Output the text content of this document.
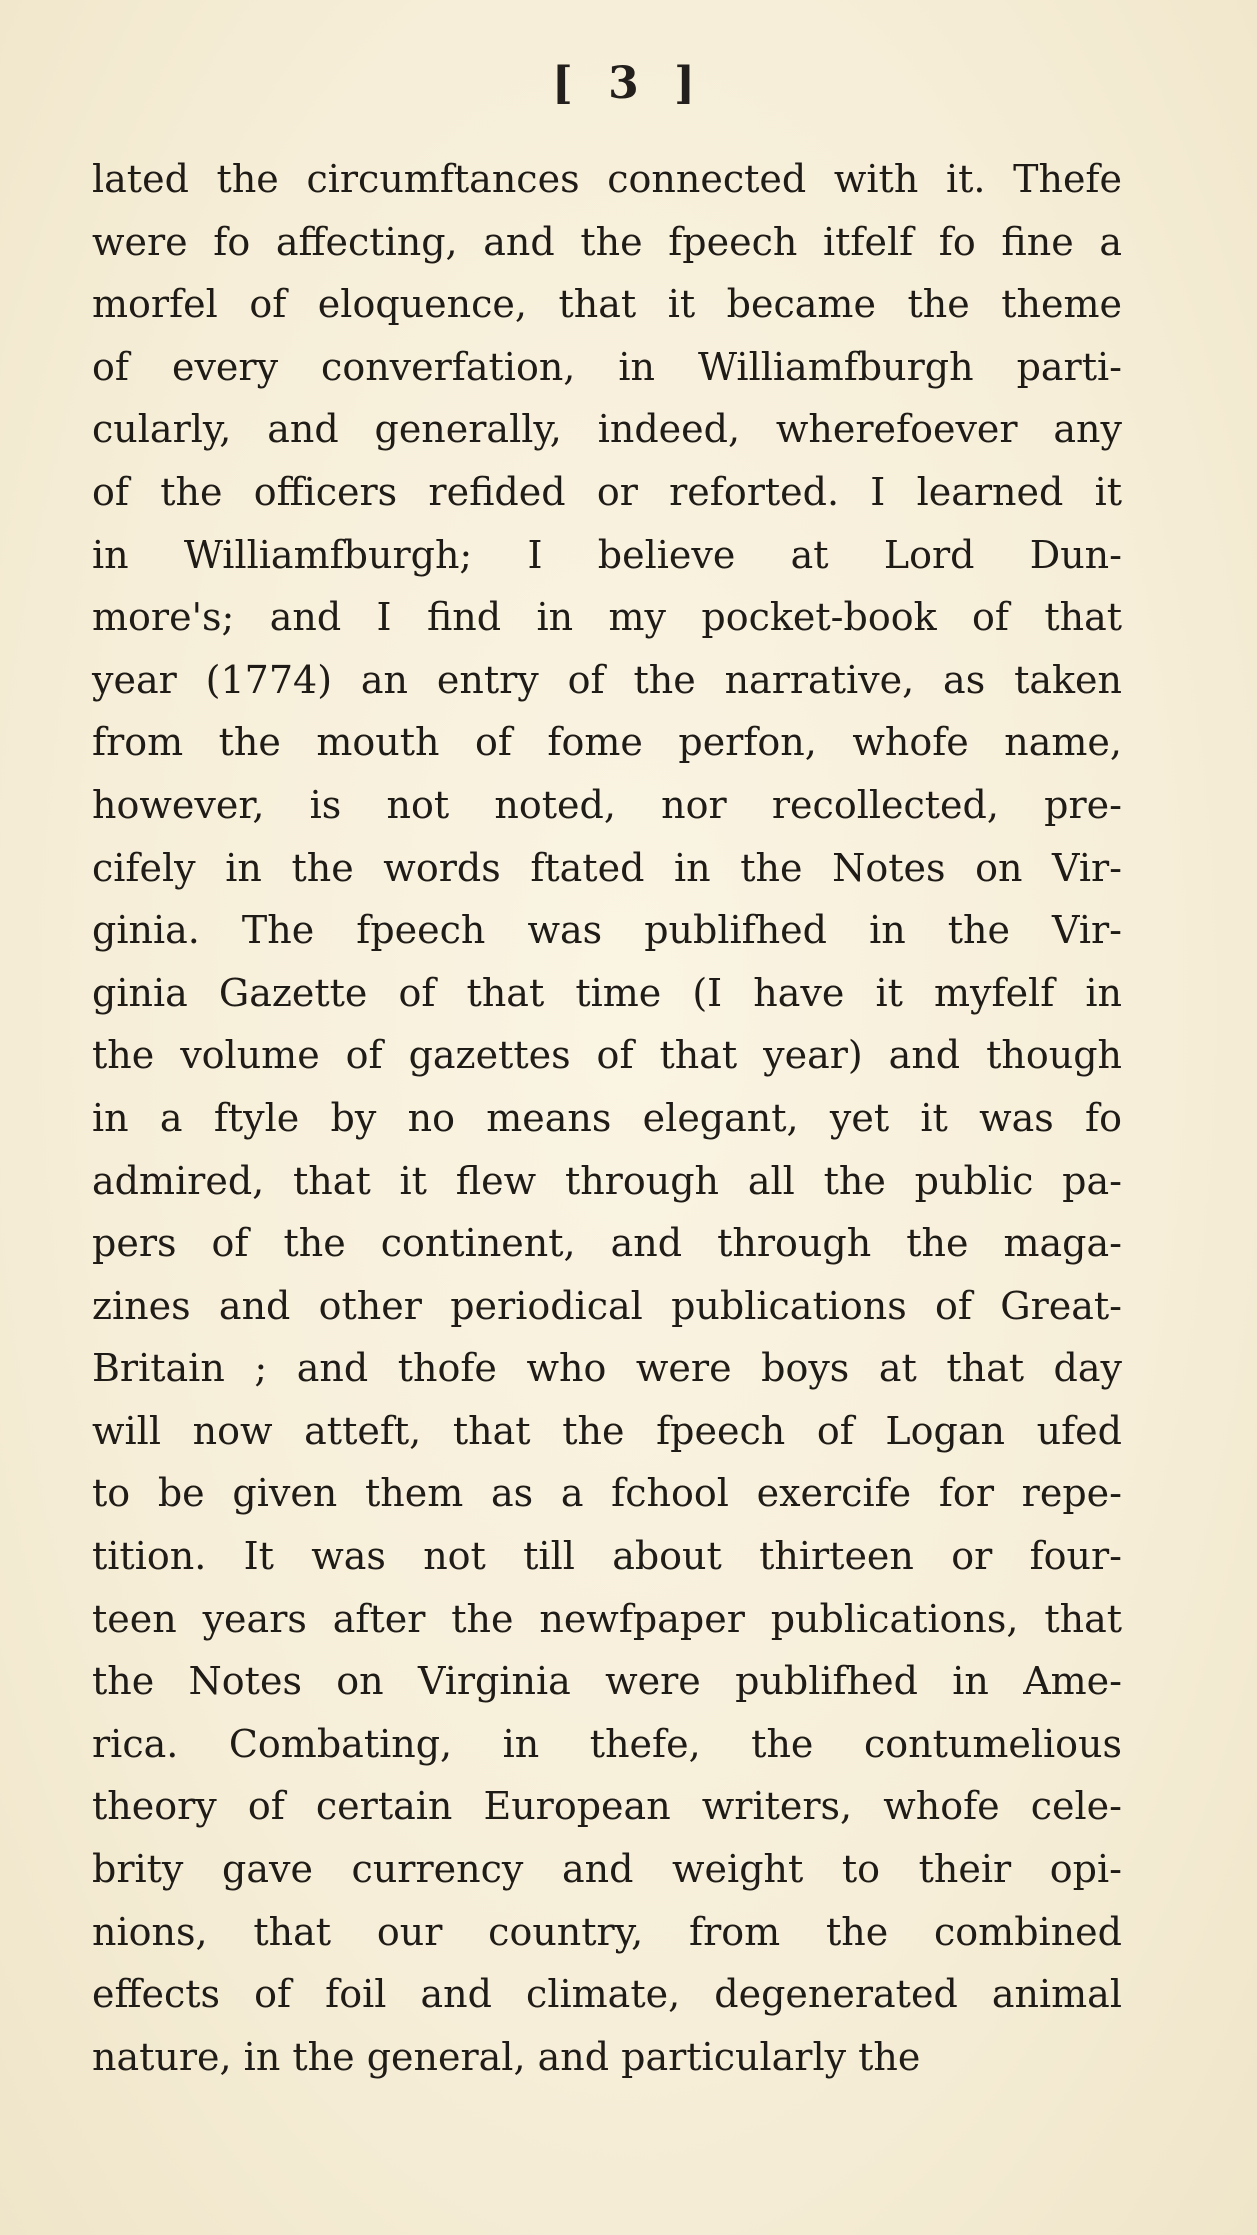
[ 3 ]
lated the circumftances connected with it. Thefe
were fo affecting, and the fpeech itfelf fo fine a
morfel of eloquence, that it became the theme
of every converfation, in Williamfburgh parti-
cularly, and generally, indeed, wherefoever any
of the officers refided or reforted. I learned it
in Williamfburgh; I believe at Lord Dun-
more's; and I find in my pocket-book of that
year (1774) an entry of the narrative, as taken
from the mouth of fome perfon, whofe name,
however, is not noted, nor recollected, pre-
cifely in the words ftated in the Notes on Vir-
ginia. The fpeech was publifhed in the Vir-
ginia Gazette of that time (I have it myfelf in
the volume of gazettes of that year) and though
in a ftyle by no means elegant, yet it was fo
admired, that it flew through all the public pa-
pers of the continent, and through the maga-
zines and other periodical publications of Great-
Britain ; and thofe who were boys at that day
will now atteft, that the fpeech of Logan ufed
to be given them as a fchool exercife for repe-
tition. It was not till about thirteen or four-
teen years after the newfpaper publications, that
the Notes on Virginia were publifhed in Ame-
rica. Combating, in thefe, the contumelious
theory of certain European writers, whofe cele-
brity gave currency and weight to their opi-
nions, that our country, from the combined
effects of foil and climate, degenerated animal
nature, in the general, and particularly the
